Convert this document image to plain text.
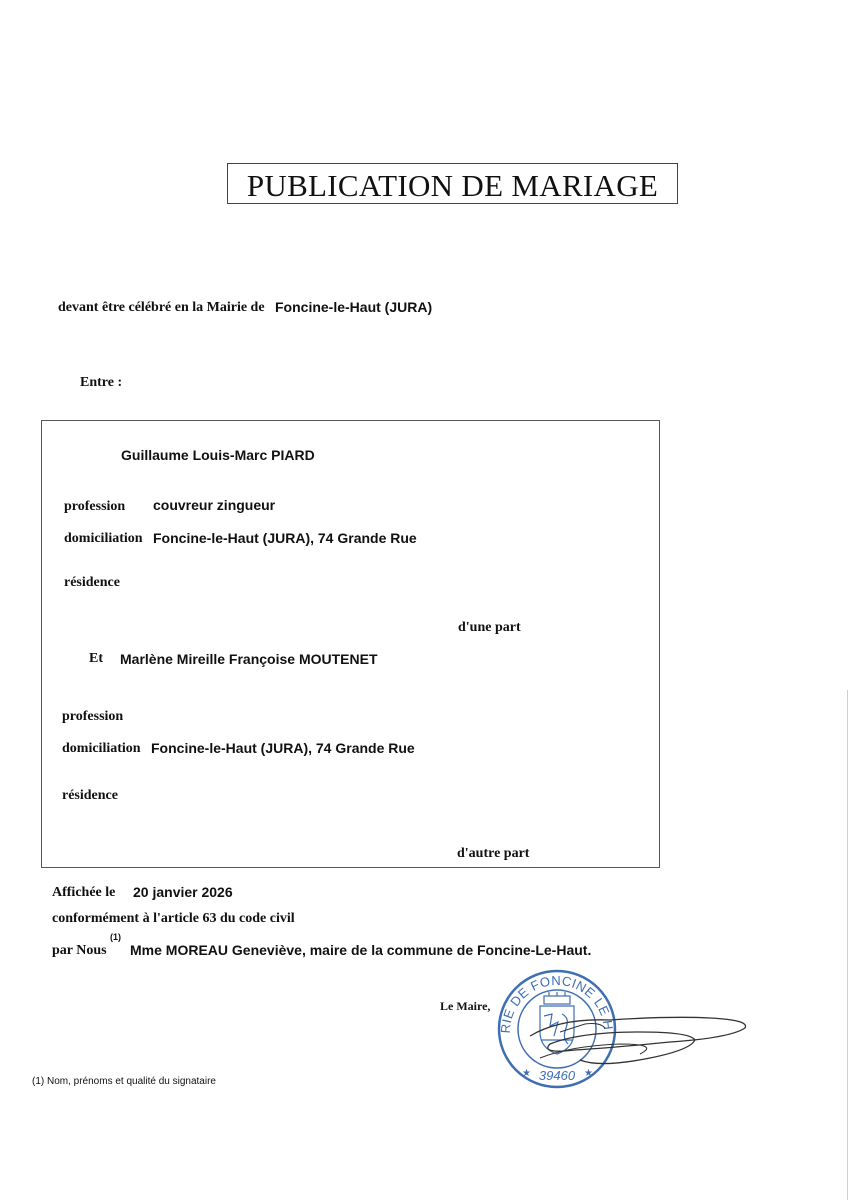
PUBLICATION DE MARIAGE
devant être célébré en la Mairie de Foncine-le-Haut (JURA)
Entre :
Guillaume Louis-Marc PIARD
profession couvreur zingueur
domiciliation Foncine-le-Haut (JURA), 74 Grande Rue
résidence
d'une part
Et Marlène Mireille Françoise MOUTENET
profession
domiciliation Foncine-le-Haut (JURA), 74 Grande Rue
résidence
d'autre part
Affichée le 20 janvier 2026
conformément à l'article 63 du code civil
par Nous
(1)
Mme MOREAU Geneviève, maire de la commune de Foncine-Le-Haut.
Le Maire,
RIE DE FONCINE LE H
39460
★	★
(1) Nom, prénoms et qualité du signataire
